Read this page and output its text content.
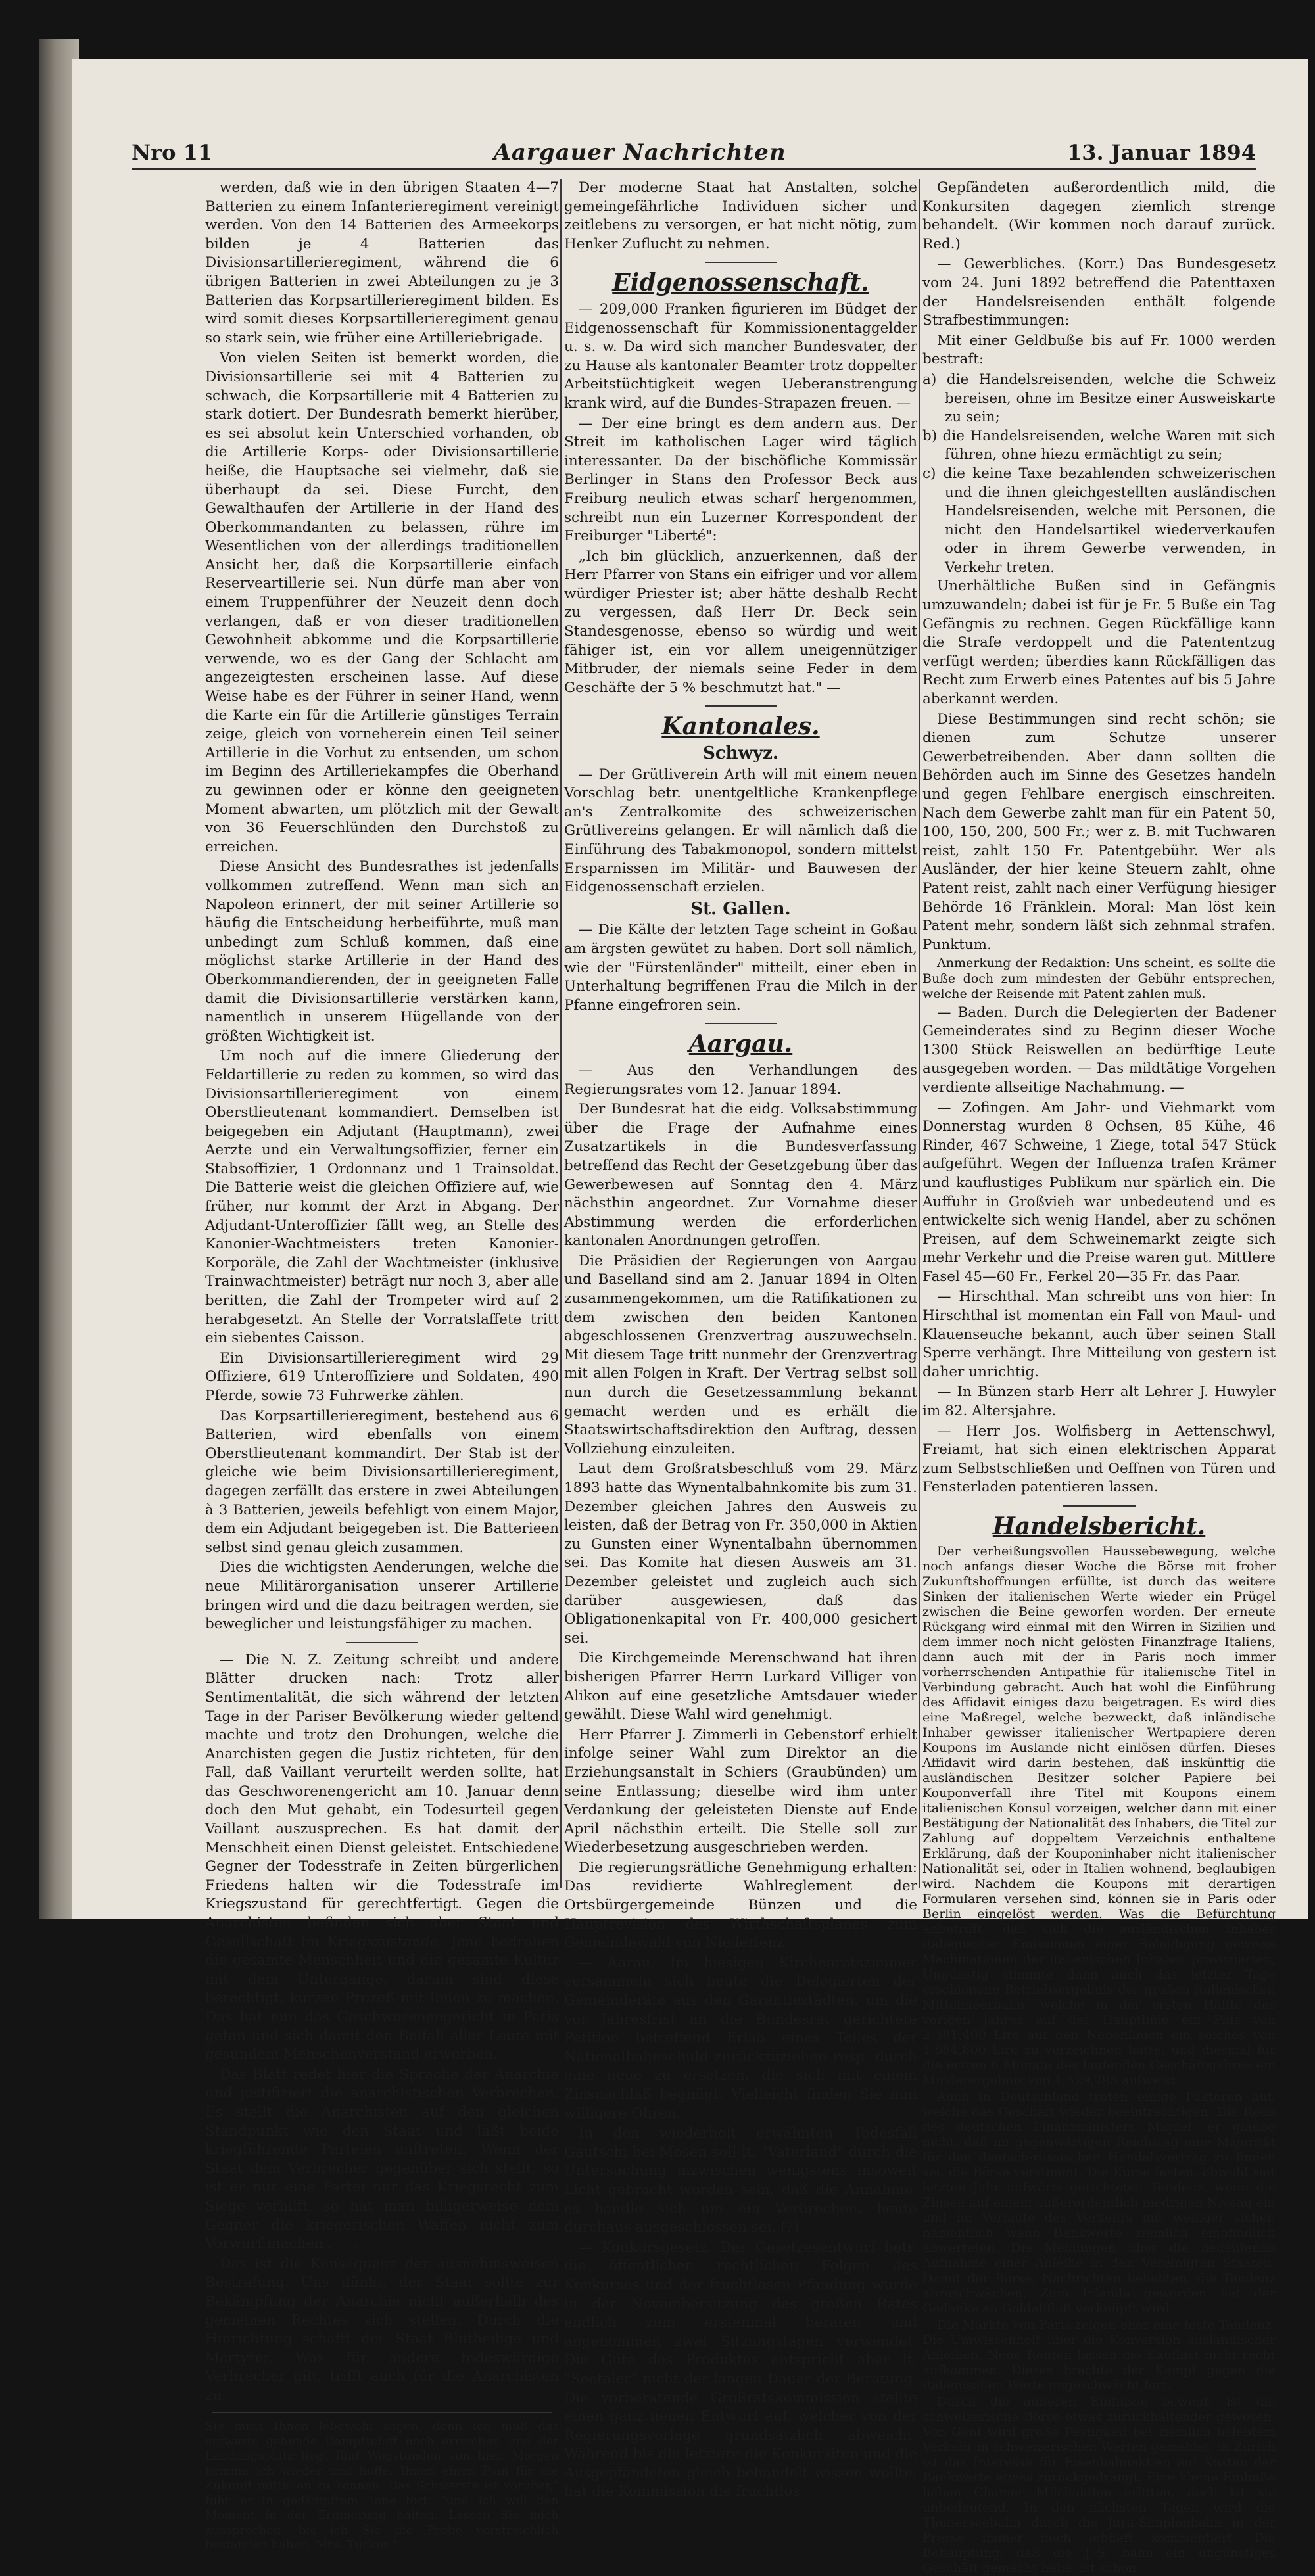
Nro 11	Aargauer Nachrichten	13. Januar 1894

werden, daß wie in den übrigen Staaten 4—7 Batterien zu einem Infanterieregiment vereinigt werden. Von den 14 Batterien des Armeekorps bilden je 4 Batterien das Divisionsartillerieregiment, während die 6 übrigen Batterien in zwei Abteilungen zu je 3 Batterien das Korpsartillerieregiment bilden. Es wird somit dieses Korpsartillerieregiment genau so stark sein, wie früher eine Artilleriebrigade.

Von vielen Seiten ist bemerkt worden, die Divisionsartillerie sei mit 4 Batterien zu schwach, die Korpsartillerie mit 4 Batterien zu stark dotiert. Der Bundesrath bemerkt hierüber, es sei absolut kein Unterschied vorhanden, ob die Artillerie Korps- oder Divisionsartillerie heiße, die Hauptsache sei vielmehr, daß sie überhaupt da sei. Diese Furcht, den Gewalthaufen der Artillerie in der Hand des Oberkommandanten zu belassen, rühre im Wesentlichen von der allerdings traditionellen Ansicht her, daß die Korpsartillerie einfach Reserveartillerie sei. Nun dürfe man aber von einem Truppenführer der Neuzeit denn doch verlangen, daß er von dieser traditionellen Gewohnheit abkomme und die Korpsartillerie verwende, wo es der Gang der Schlacht am angezeigtesten erscheinen lasse. Auf diese Weise habe es der Führer in seiner Hand, wenn die Karte ein für die Artillerie günstiges Terrain zeige, gleich von vorneherein einen Teil seiner Artillerie in die Vorhut zu entsenden, um schon im Beginn des Artilleriekampfes die Oberhand zu gewinnen oder er könne den geeigneten Moment abwarten, um plötzlich mit der Gewalt von 36 Feuerschlünden den Durchstoß zu erreichen.

Diese Ansicht des Bundesrathes ist jedenfalls vollkommen zutreffend. Wenn man sich an Napoleon erinnert, der mit seiner Artillerie so häufig die Entscheidung herbeiführte, muß man unbedingt zum Schluß kommen, daß eine möglichst starke Artillerie in der Hand des Oberkommandierenden, der in geeigneten Falle damit die Divisionsartillerie verstärken kann, namentlich in unserem Hügellande von der größten Wichtigkeit ist.

Um noch auf die innere Gliederung der Feldartillerie zu reden zu kommen, so wird das Divisionsartillerieregiment von einem Oberstlieutenant kommandiert. Demselben ist beigegeben ein Adjutant (Hauptmann), zwei Aerzte und ein Verwaltungsoffizier, ferner ein Stabsoffizier, 1 Ordonnanz und 1 Trainsoldat. Die Batterie weist die gleichen Offiziere auf, wie früher, nur kommt der Arzt in Abgang. Der Adjudant-Unteroffizier fällt weg, an Stelle des Kanonier-Wachtmeisters treten Kanonier-Korporäle, die Zahl der Wachtmeister (inklusive Trainwachtmeister) beträgt nur noch 3, aber alle beritten, die Zahl der Trompeter wird auf 2 herabgesetzt. An Stelle der Vorratslaffete tritt ein siebentes Caisson.

Ein Divisionsartillerieregiment wird 29 Offiziere, 619 Unteroffiziere und Soldaten, 490 Pferde, sowie 73 Fuhrwerke zählen.

Das Korpsartillerieregiment, bestehend aus 6 Batterien, wird ebenfalls von einem Oberstlieutenant kommandirt. Der Stab ist der gleiche wie beim Divisionsartillerieregiment, dagegen zerfällt das erstere in zwei Abteilungen à 3 Batterien, jeweils befehligt von einem Major, dem ein Adjudant beigegeben ist. Die Batterieen selbst sind genau gleich zusammen.

Dies die wichtigsten Aenderungen, welche die neue Militärorganisation unserer Artillerie bringen wird und die dazu beitragen werden, sie beweglicher und leistungsfähiger zu machen.

— Die N. Z. Zeitung schreibt und andere Blätter drucken nach: Trotz aller Sentimentalität, die sich während der letzten Tage in der Pariser Bevölkerung wieder geltend machte und trotz den Drohungen, welche die Anarchisten gegen die Justiz richteten, für den Fall, daß Vaillant verurteilt werden sollte, hat das Geschworenengericht am 10. Januar denn doch den Mut gehabt, ein Todesurteil gegen Vaillant auszusprechen. Es hat damit der Menschheit einen Dienst geleistet. Entschiedene Gegner der Todesstrafe in Zeiten bürgerlichen Friedens halten wir die Todesstrafe im Kriegszustand für gerechtfertigt. Gegen die Anarchisten befinden sich aber Staat und Gesellschaft im Kriegszustande. Jene bedrohen die gesamte Menschheit und die gesamte Kultur mit dem Untergange, darum sind diese berechtigt, kurzen Prozeß mit ihnen zu machen. Das hat nun das Geschworenengericht in Paris getan und sich damit den Beifall aller Leute mit gesundem Menschenverstand erworben.

Das Blatt redet hier die Sprache der Anarchie und justifiziert die anarchistischen Verbrechen. Es stellt die Anarchisten auf den gleichen Standpunkt wie den Staat und läßt beide kriegführende Parteien auftreten. Wenn der Staat dem Verbrecher gegenüber sich stellt, so ist er nur eine Partei nur das Kriegsrecht zum Siege verhilft, so hat man billigerweise dem Gegner die kriegerischen Waffen nicht zum Vorwurf machen . . . . .

Das ist die Konsequenz der ausnahmsweisen Bestrafung. Uns dünkt, der Staat sollte zur Bekämpfung der Anarchie nicht außerhalb des gemeinen Rechtes sich stellen. Durch die Hinrichtung schafft der Staat Blutheilige und Martyrer. Was für andere todeswürdige Verbrecher gilt, trifft auch für die Anarchisten zu.

Sie mich Ihnen lebewohl sagen, denn ich muß das aufwärts gehende Dampfschiff noch erreichen und der Landungsplatz liegt fünf Wegstunden von hier. Morgen komme ich wieder und hoffe, Ihnen einen Plan für die Zukunft mitteilen zu können. Das Schwerste ist vorüber," fuhr er in gedämpftem Tone fort, "und ich will den Moment in der Erinnerung halten. Lassen Sie mich aussprechen, bis ich Sie die Probe vorstreichlich bestanden haben, Mrs. Tucker."

Der moderne Staat hat Anstalten, solche gemeingefährliche Individuen sicher und zeitlebens zu versorgen, er hat nicht nötig, zum Henker Zuflucht zu nehmen.

Eidgenossenschaft.

— 209,000 Franken figurieren im Büdget der Eidgenossenschaft für Kommissionentaggelder u. s. w. Da wird sich mancher Bundesvater, der zu Hause als kantonaler Beamter trotz doppelter Arbeitstüchtigkeit wegen Ueberanstrengung krank wird, auf die Bundes-Strapazen freuen. —

— Der eine bringt es dem andern aus. Der Streit im katholischen Lager wird täglich interessanter. Da der bischöfliche Kommissär Berlinger in Stans den Professor Beck aus Freiburg neulich etwas scharf hergenommen, schreibt nun ein Luzerner Korrespondent der Freiburger "Liberté":

„Ich bin glücklich, anzuerkennen, daß der Herr Pfarrer von Stans ein eifriger und vor allem würdiger Priester ist; aber hätte deshalb Recht zu vergessen, daß Herr Dr. Beck sein Standesgenosse, ebenso so würdig und weit fähiger ist, ein vor allem uneigennütziger Mitbruder, der niemals seine Feder in dem Geschäfte der 5 % beschmutzt hat." —

Kantonales.
Schwyz.

— Der Grütliverein Arth will mit einem neuen Vorschlag betr. unentgeltliche Krankenpflege an's Zentralkomite des schweizerischen Grütlivereins gelangen. Er will nämlich daß die Einführung des Tabakmonopol, sondern mittelst Ersparnissen im Militär- und Bauwesen der Eidgenossenschaft erzielen.

St. Gallen.

— Die Kälte der letzten Tage scheint in Goßau am ärgsten gewütet zu haben. Dort soll nämlich, wie der "Fürstenländer" mitteilt, einer eben in Unterhaltung begriffenen Frau die Milch in der Pfanne eingefroren sein.

Aargau.

— Aus den Verhandlungen des Regierungsrates vom 12. Januar 1894.

Der Bundesrat hat die eidg. Volksabstimmung über die Frage der Aufnahme eines Zusatzartikels in die Bundesverfassung betreffend das Recht der Gesetzgebung über das Gewerbewesen auf Sonntag den 4. März nächsthin angeordnet. Zur Vornahme dieser Abstimmung werden die erforderlichen kantonalen Anordnungen getroffen.

Die Präsidien der Regierungen von Aargau und Baselland sind am 2. Januar 1894 in Olten zusammengekommen, um die Ratifikationen zu dem zwischen den beiden Kantonen abgeschlossenen Grenzvertrag auszuwechseln. Mit diesem Tage tritt nunmehr der Grenzvertrag mit allen Folgen in Kraft. Der Vertrag selbst soll nun durch die Gesetzessammlung bekannt gemacht werden und es erhält die Staatswirtschaftsdirektion den Auftrag, dessen Vollziehung einzuleiten.

Laut dem Großratsbeschluß vom 29. März 1893 hatte das Wynentalbahnkomite bis zum 31. Dezember gleichen Jahres den Ausweis zu leisten, daß der Betrag von Fr. 350,000 in Aktien zu Gunsten einer Wynentalbahn übernommen sei. Das Komite hat diesen Ausweis am 31. Dezember geleistet und zugleich auch sich darüber ausgewiesen, daß das Obligationenkapital von Fr. 400,000 gesichert sei.

Die Kirchgemeinde Merenschwand hat ihren bisherigen Pfarrer Herrn Lurkard Villiger von Alikon auf eine gesetzliche Amtsdauer wieder gewählt. Diese Wahl wird genehmigt.

Herr Pfarrer J. Zimmerli in Gebenstorf erhielt infolge seiner Wahl zum Direktor an die Erziehungsanstalt in Schiers (Graubünden) um seine Entlassung; dieselbe wird ihm unter Verdankung der geleisteten Dienste auf Ende April nächsthin erteilt. Die Stelle soll zur Wiederbesetzung ausgeschrieben werden.

Die regierungsrätliche Genehmigung erhalten: Das revidierte Wahlreglement der Ortsbürgergemeinde Bünzen und die Hauptrevision des Wirthschaftsplanes zum Gemeindewald von Niederlenz.

— Aarau. Im hiesigen Kirchenratszimmer versammeln sich heute die Delegierten der Gemeinderäte aus den Garantiestädten, um die vor Jahresfrist an die Bundesrat gerichtete Petition betreffend Erlaß eines Teiles der Nationalbahnschuld zurückzuziehen resp. durch eine neue zu ersetzen, die sich mit einem Zinsnachlaß begnügt. Vielleicht finden Sie nun willigere Ohren.

In den wiederholt erwähnten Todesfall Gautschi bei Mosen soll lt. "Vaterland" durch die Untersuchung inzwischen wenigstens insoweit Licht gebracht worden sein, daß die Annahme, es handle sich um ein Verbrechen, heute durchaus ausgeschlossen sei. (?)

— Konkursgesetz. Der Gesetzesentwurf betr. die öffentlichen rechtlichen Folgen des Konkurses und der fruchtlosen Pfändung wurde in der Novembersitzung des großen Rates endlich zum erstenmal beraten und angenommen zwei Sitzungstagen verwendet. Die Güte des Produktes entspricht aber lt. "Seetaler" nicht der langen Dauer der Beratung. Die vorberatende Großratskommission stellte einen ganz neuen Entwurf auf, welcher von der Regierungsvorlage grundsätzlich abweicht. Während bis die letztere die Konkursiten und die Ausgepfändeten gleich behandelt wissen wollte, hat die Kommission die fruchtlos

Gepfändeten außerordentlich mild, die Konkursiten dagegen ziemlich strenge behandelt. (Wir kommen noch darauf zurück. Red.)

— Gewerbliches. (Korr.) Das Bundesgesetz vom 24. Juni 1892 betreffend die Patenttaxen der Handelsreisenden enthält folgende Strafbestimmungen:

Mit einer Geldbuße bis auf Fr. 1000 werden bestraft:

a) die Handelsreisenden, welche die Schweiz bereisen, ohne im Besitze einer Ausweiskarte zu sein;
b) die Handelsreisenden, welche Waren mit sich führen, ohne hiezu ermächtigt zu sein;
c) die keine Taxe bezahlenden schweizerischen und die ihnen gleichgestellten ausländischen Handelsreisenden, welche mit Personen, die nicht den Handelsartikel wiederverkaufen oder in ihrem Gewerbe verwenden, in Verkehr treten.

Unerhältliche Bußen sind in Gefängnis umzuwandeln; dabei ist für je Fr. 5 Buße ein Tag Gefängnis zu rechnen. Gegen Rückfällige kann die Strafe verdoppelt und die Patententzug verfügt werden; überdies kann Rückfälligen das Recht zum Erwerb eines Patentes auf bis 5 Jahre aberkannt werden.

Diese Bestimmungen sind recht schön; sie dienen zum Schutze unserer Gewerbetreibenden. Aber dann sollten die Behörden auch im Sinne des Gesetzes handeln und gegen Fehlbare energisch einschreiten. Nach dem Gewerbe zahlt man für ein Patent 50, 100, 150, 200, 500 Fr.; wer z. B. mit Tuchwaren reist, zahlt 150 Fr. Patentgebühr. Wer als Ausländer, der hier keine Steuern zahlt, ohne Patent reist, zahlt nach einer Verfügung hiesiger Behörde 16 Fränklein. Moral: Man löst kein Patent mehr, sondern läßt sich zehnmal strafen. Punktum.

Anmerkung der Redaktion: Uns scheint, es sollte die Buße doch zum mindesten der Gebühr entsprechen, welche der Reisende mit Patent zahlen muß.

— Baden. Durch die Delegierten der Badener Gemeinderates sind zu Beginn dieser Woche 1300 Stück Reiswellen an bedürftige Leute ausgegeben worden. — Das mildtätige Vorgehen verdiente allseitige Nachahmung. —

— Zofingen. Am Jahr- und Viehmarkt vom Donnerstag wurden 8 Ochsen, 85 Kühe, 46 Rinder, 467 Schweine, 1 Ziege, total 547 Stück aufgeführt. Wegen der Influenza trafen Krämer und kauflustiges Publikum nur spärlich ein. Die Auffuhr in Großvieh war unbedeutend und es entwickelte sich wenig Handel, aber zu schönen Preisen, auf dem Schweinemarkt zeigte sich mehr Verkehr und die Preise waren gut. Mittlere Fasel 45—60 Fr., Ferkel 20—35 Fr. das Paar.

— Hirschthal. Man schreibt uns von hier: In Hirschthal ist momentan ein Fall von Maul- und Klauenseuche bekannt, auch über seinen Stall Sperre verhängt. Ihre Mitteilung von gestern ist daher unrichtig.

— In Bünzen starb Herr alt Lehrer J. Huwyler im 82. Altersjahre.

— Herr Jos. Wolfisberg in Aettenschwyl, Freiamt, hat sich einen elektrischen Apparat zum Selbstschließen und Oeffnen von Türen und Fensterladen patentieren lassen.

Handelsbericht.

Der verheißungsvollen Haussebewegung, welche noch anfangs dieser Woche die Börse mit froher Zukunftshoffnungen erfüllte, ist durch das weitere Sinken der italienischen Werte wieder ein Prügel zwischen die Beine geworfen worden. Der erneute Rückgang wird einmal mit den Wirren in Sizilien und dem immer noch nicht gelösten Finanzfrage Italiens, dann auch mit der in Paris noch immer vorherrschenden Antipathie für italienische Titel in Verbindung gebracht. Auch hat wohl die Einführung des Affidavit einiges dazu beigetragen. Es wird dies eine Maßregel, welche bezweckt, daß inländische Inhaber gewisser italienischer Wertpapiere deren Koupons im Auslande nicht einlösen dürfen. Dieses Affidavit wird darin bestehen, daß inskünftig die ausländischen Besitzer solcher Papiere bei Kouponverfall ihre Titel mit Koupons einem italienischen Konsul vorzeigen, welcher dann mit einer Bestätigung der Nationalität des Inhabers, die Titel zur Zahlung auf doppeltem Verzeichnis enthaltene Erklärung, daß der Kouponinhaber nicht italienischer Nationalität sei, oder in Italien wohnend, beglaubigen wird. Nachdem die Koupons mit derartigen Formularen versehen sind, können sie in Paris oder Berlin eingelöst werden. Was die Befürchtung anbetrifft, daß sich die ausländischen Inhaber italienischer Emissionen einer Beleidigung gewisse Machinationen der italienischen Inhaber provozierten, Ungünstig stimmte dann auch das letzter Tage erschienene Betriebsergebnis der großen italienischen Mittelmeerbahn, welche in der ersten Hälfte des vorigen Jahres auf der Hauptlinie ein Plus von 2,381,400 Lire auf den Nebenlinien ein solches von 1,884,800 Lire zu verzeichnen hatte, und diesmal für die ersten 6 Monate des laufenden Geschäftsjahres ein Minderergebnis von 1,529,795 aufweist.

Auch in Deutschland traten einige Faktoren auf, welche das Geschäft wieder beeinträchtigen. Die Rede des deutschen Finanzministers Miquel, er glaube nicht, daß im gegenwärtigen Reichstag eine Majorität für den deutsch-russischen Handelsvertrag zu finden sei, die Börse verstimmt. Die Kurse festen, obwohl seit letzten Jahr aufwärts gerichteten Tendenz, wenn die Zinsen auf einem außerordentlich niedrigen Niveau ein und im Verlaufe des Verkehrs mit weniger sicher, namentlich wann Bankwerte ziemlich empfindlich abwerteten. Die Meldungen über die bedeutende Aufnahme einer Anleihe in den Vereinigten Staaten. Damit der Börse, Nachrichten beliebten, die Tendenz abzuschwächen. Zum Inlande geworden hat der Gedanke an Goldabfluß verknüpft wird.

Die Märkte von Paris zeigen eher eine feste Tendenz. Die Umwissenheit über die Konversion ausländischer Anleihen. Neue Renten lassen die Kauflust nicht recht aufkommen. Dieses brachte der Kampf gegen die italienischen Werte ungeschwächt fort.

Durch die äußeren Einflüsse bewegt, ist die schweizerische Börse etwas zurückhaltender gewesen. Von Genf wird große Festigkeit bei ziemlich belebtem Verkehr in schweizerischen Werten gemeldet, in Zürich ist das Interesse für Eisenbahnaktien auf Kosten der Bankwerte etwas zurückgedrängt. Eine kleine Einbuße haben Chamer Milchaktien erlitten, doch ist sie unbedeutend. In den nächsten Tagen wird die Thunerseebahn durch die Jura-Simplonbahn in der Presse immer noch lebhaft kommentiert. Die Behauptung, daß die J.-S. bahn ein ungünstiges Geschäft gemacht habe, ist schon
